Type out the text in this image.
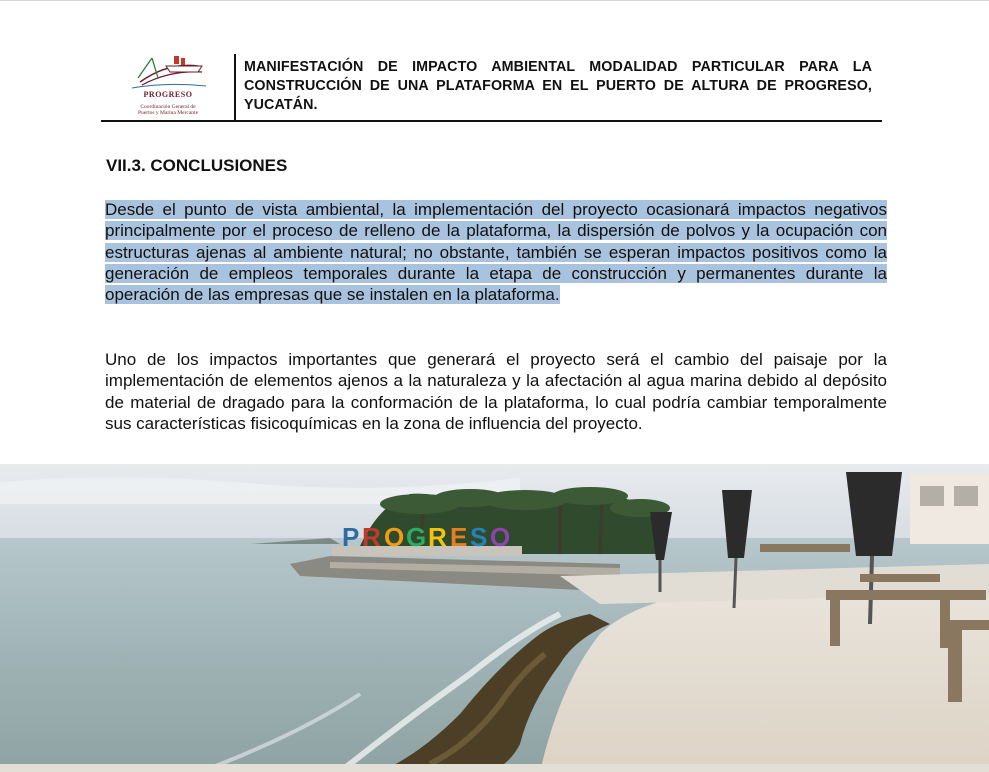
PROGRESO
Coordinación General de
Puertos y Marina Mercante
MANIFESTACIÓN DE IMPACTO AMBIENTAL MODALIDAD PARTICULAR PARA LA CONSTRUCCIÓN DE UNA PLATAFORMA EN EL PUERTO DE ALTURA DE PROGRESO, YUCATÁN.
VII.3. CONCLUSIONES
Desde el punto de vista ambiental, la implementación del proyecto ocasionará impactos negativos principalmente por el proceso de relleno de la plataforma, la dispersión de polvos y la ocupación con estructuras ajenas al ambiente natural; no obstante, también se esperan impactos positivos como la generación de empleos temporales durante la etapa de construcción y permanentes durante la operación de las empresas que se instalen en la plataforma.
Uno de los impactos importantes que generará el proyecto será el cambio del paisaje por la implementación de elementos ajenos a la naturaleza y la afectación al agua marina debido al depósito de material de dragado para la conformación de la plataforma, lo cual podría cambiar temporalmente sus características fisicoquímicas en la zona de influencia del proyecto.
P R O G R E S O
